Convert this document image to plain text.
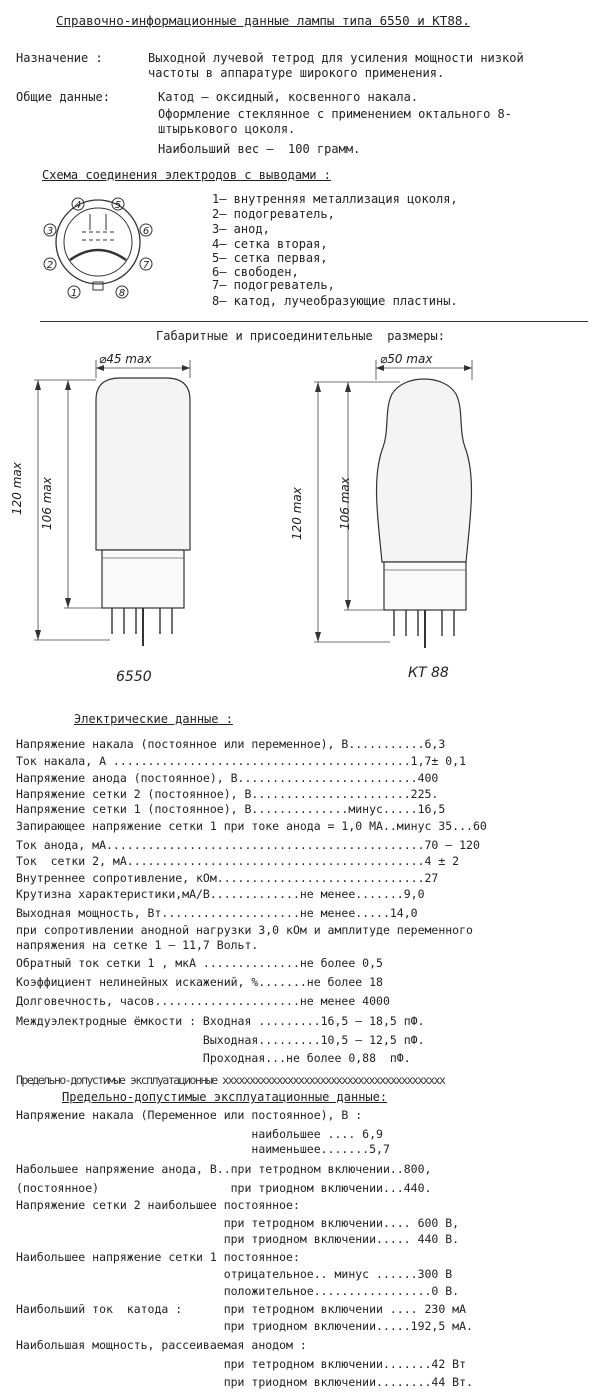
Справочно-информационные данные лампы типа 6550 и КТ88.
Назначение :	Выходной лучевой тетрод для усиления мощности низкой
частоты в аппаратуре широкого применения.
Общие данные:	Катод – оксидный, косвенного накала.
Оформление стеклянное с применением октального 8-
штырькового цоколя.
Наибольший вес –  100 грамм.
Схема соединения электродов с выводами :
1
2
3
4	5
6
7
8
1– внутренняя металлизация цоколя,
2– подогреватель,
3– анод,
4– сетка вторая,
5– сетка первая,
6– свободен,
7– подогреватель,
8– катод, лучеобразующие пластины.
Габаритные и присоединительные  размеры:
⌀45 max
120 max 106 max
6550
⌀50 max
120 max	106 max
КТ 88
Электрические данные :
Напряжение накала (постоянное или переменное), В...........6,3
Ток накала, А ...........................................1,7± 0,1
Напряжение анода (постоянное), В..........................400
Напряжение сетки 2 (постоянное), В.......................225.
Напряжение сетки 1 (постоянное), В..............минус.....16,5
Запирающее напряжение сетки 1 при токе анода = 1,0 МА..минус 35...60
Ток анода, мА..............................................70 – 120
Ток  сетки 2, мА...........................................4 ± 2
Внутреннее сопротивление, кОм..............................27
Крутизна характеристики,мА/В.............не менее.......9,0
Выходная мощность, Вт....................не менее.....14,0
при сопротивлении анодной нагрузки 3,0 кОм и амплитуде переменного
напряжения на сетке 1 – 11,7 Вольт.
Обратный ток сетки 1 , мкА ..............не более 0,5
Коэффициент нелинейных искажений, %.......не более 18
Долговечность, часов.....................не менее 4000
Междуэлектродные ёмкости : Входная .........16,5 – 18,5 пФ.
Выходная.........10,5 – 12,5 пФ.
Проходная...не более 0,88  пФ.
Предельно-допустимые эксплуатационные xxxxxxxxxxxxxxxxxxxxxxxxxxxxxxxxxxxxxxxxx
Предельно-допустимые эксплуатационные данные:
Напряжение накала (Переменное или постоянное), В :
наибольшее .... 6,9
наименьшее.......5,7
Набольшее напряжение анода, В..при тетродном включении..800,
(постоянное)                   при триодном включении...440.
Напряжение сетки 2 наибольшее постоянное:
при тетродном включении.... 600 В,
при триодном включении..... 440 В.
Наибольшее напряжение сетки 1 постоянное:
отрицательное.. минус ......300 В
положительное.................0 В.
Наибольший ток  катода :      при тетродном включении .... 230 мА
при триодном включении.....192,5 мА.
Наибольшая мощность, рассеиваемая анодом :
при тетродном включении.......42 Вт
при триодном включении........44 Вт.
